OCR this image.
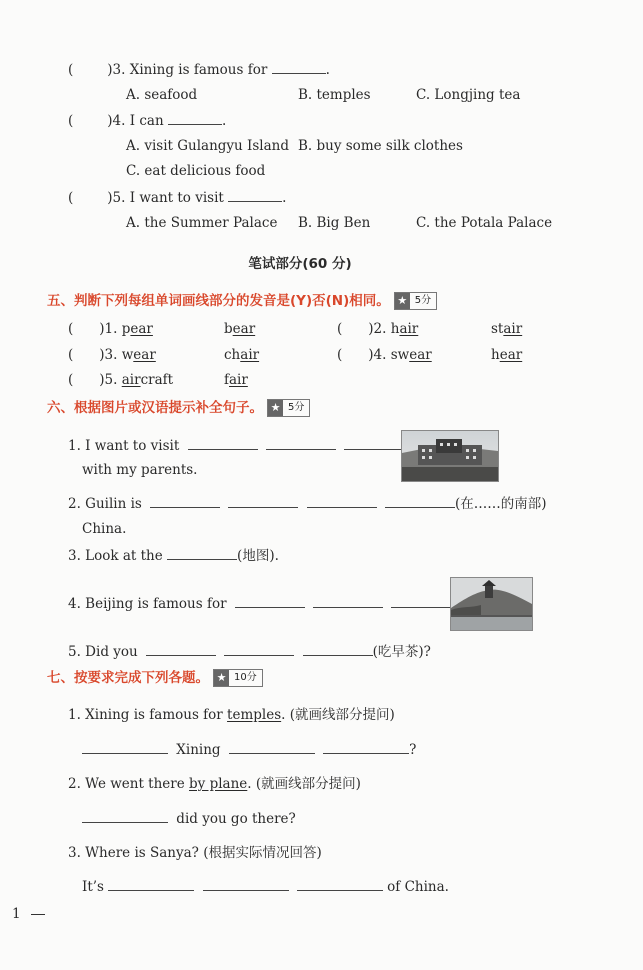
(	)3. Xining is famous for	.
A. seafood	B. temples	C. Longjing tea
(	)4. I can	.
A. visit Gulangyu Island B. buy some silk clothes
C. eat delicious food
(	)5. I want to visit	.
A. the Summer Palace B. Big Ben	C. the Potala Palace
笔试部分(60 分)
五、判断下列每组单词画线部分的发音是(Y)否(N)相同。 ★ 5分
( )1. pear	bear	( )2. hair	stair
( )3. wear	chair	( )4. swear	hear
( )5. aircraft	fair
六、根据图片或汉语提示补全句子。 ★ 5分
1. I want to visit
with my parents.
2. Guilin is	(在……的南部)
China.
3. Look at the	(地图).
4. Beijing is famous for
5. Did you	(吃早茶)?
七、按要求完成下列各题。 ★ 10分
1. Xining is famous for temples. (就画线部分提问)
Xining	?
2. We went there by plane. (就画线部分提问)
did you go there?
3. Where is Sanya? (根据实际情况回答)
It’s	of China.
1
